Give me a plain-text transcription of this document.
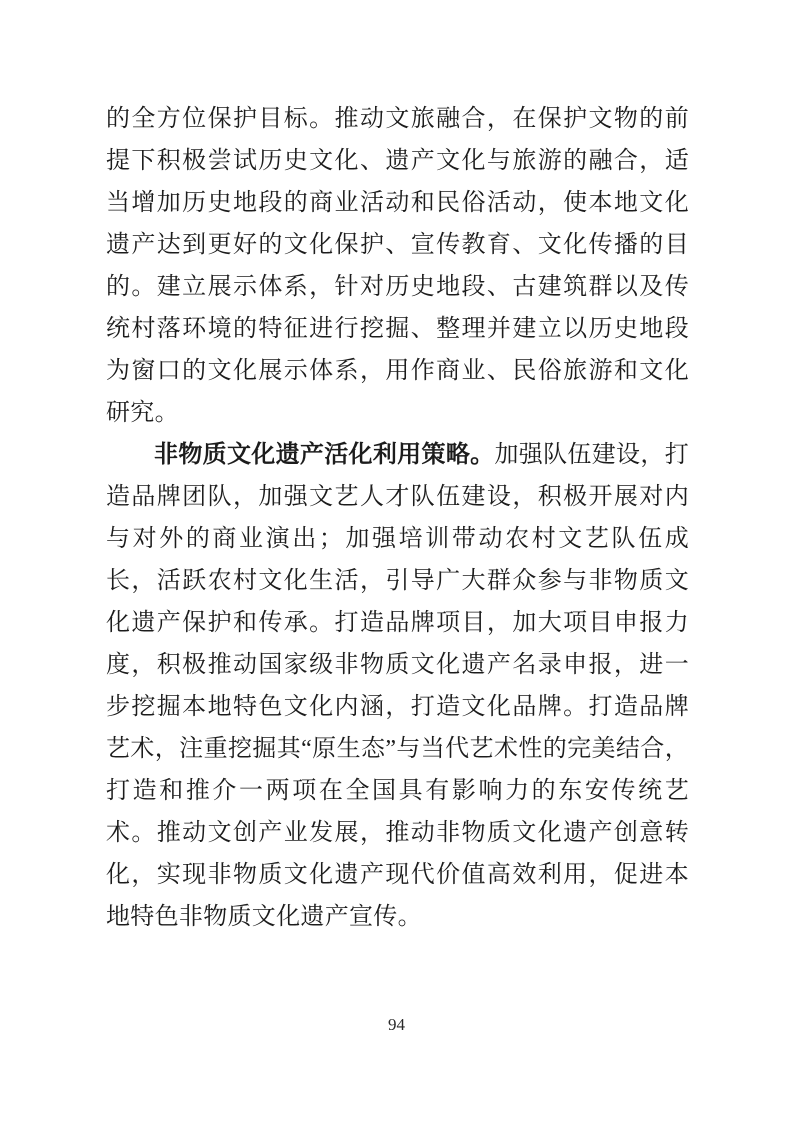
的全方位保护目标。推动文旅融合，在保护文物的前提下积极尝试历史文化、遗产文化与旅游的融合，适当增加历史地段的商业活动和民俗活动，使本地文化遗产达到更好的文化保护、宣传教育、文化传播的目的。建立展示体系，针对历史地段、古建筑群以及传统村落环境的特征进行挖掘、整理并建立以历史地段为窗口的文化展示体系，用作商业、民俗旅游和文化研究。

非物质文化遗产活化利用策略。加强队伍建设，打造品牌团队，加强文艺人才队伍建设，积极开展对内与对外的商业演出；加强培训带动农村文艺队伍成长，活跃农村文化生活，引导广大群众参与非物质文化遗产保护和传承。打造品牌项目，加大项目申报力度，积极推动国家级非物质文化遗产名录申报，进一步挖掘本地特色文化内涵，打造文化品牌。打造品牌艺术，注重挖掘其“原生态”与当代艺术性的完美结合，打造和推介一两项在全国具有影响力的东安传统艺术。推动文创产业发展，推动非物质文化遗产创意转化，实现非物质文化遗产现代价值高效利用，促进本地特色非物质文化遗产宣传。

94
